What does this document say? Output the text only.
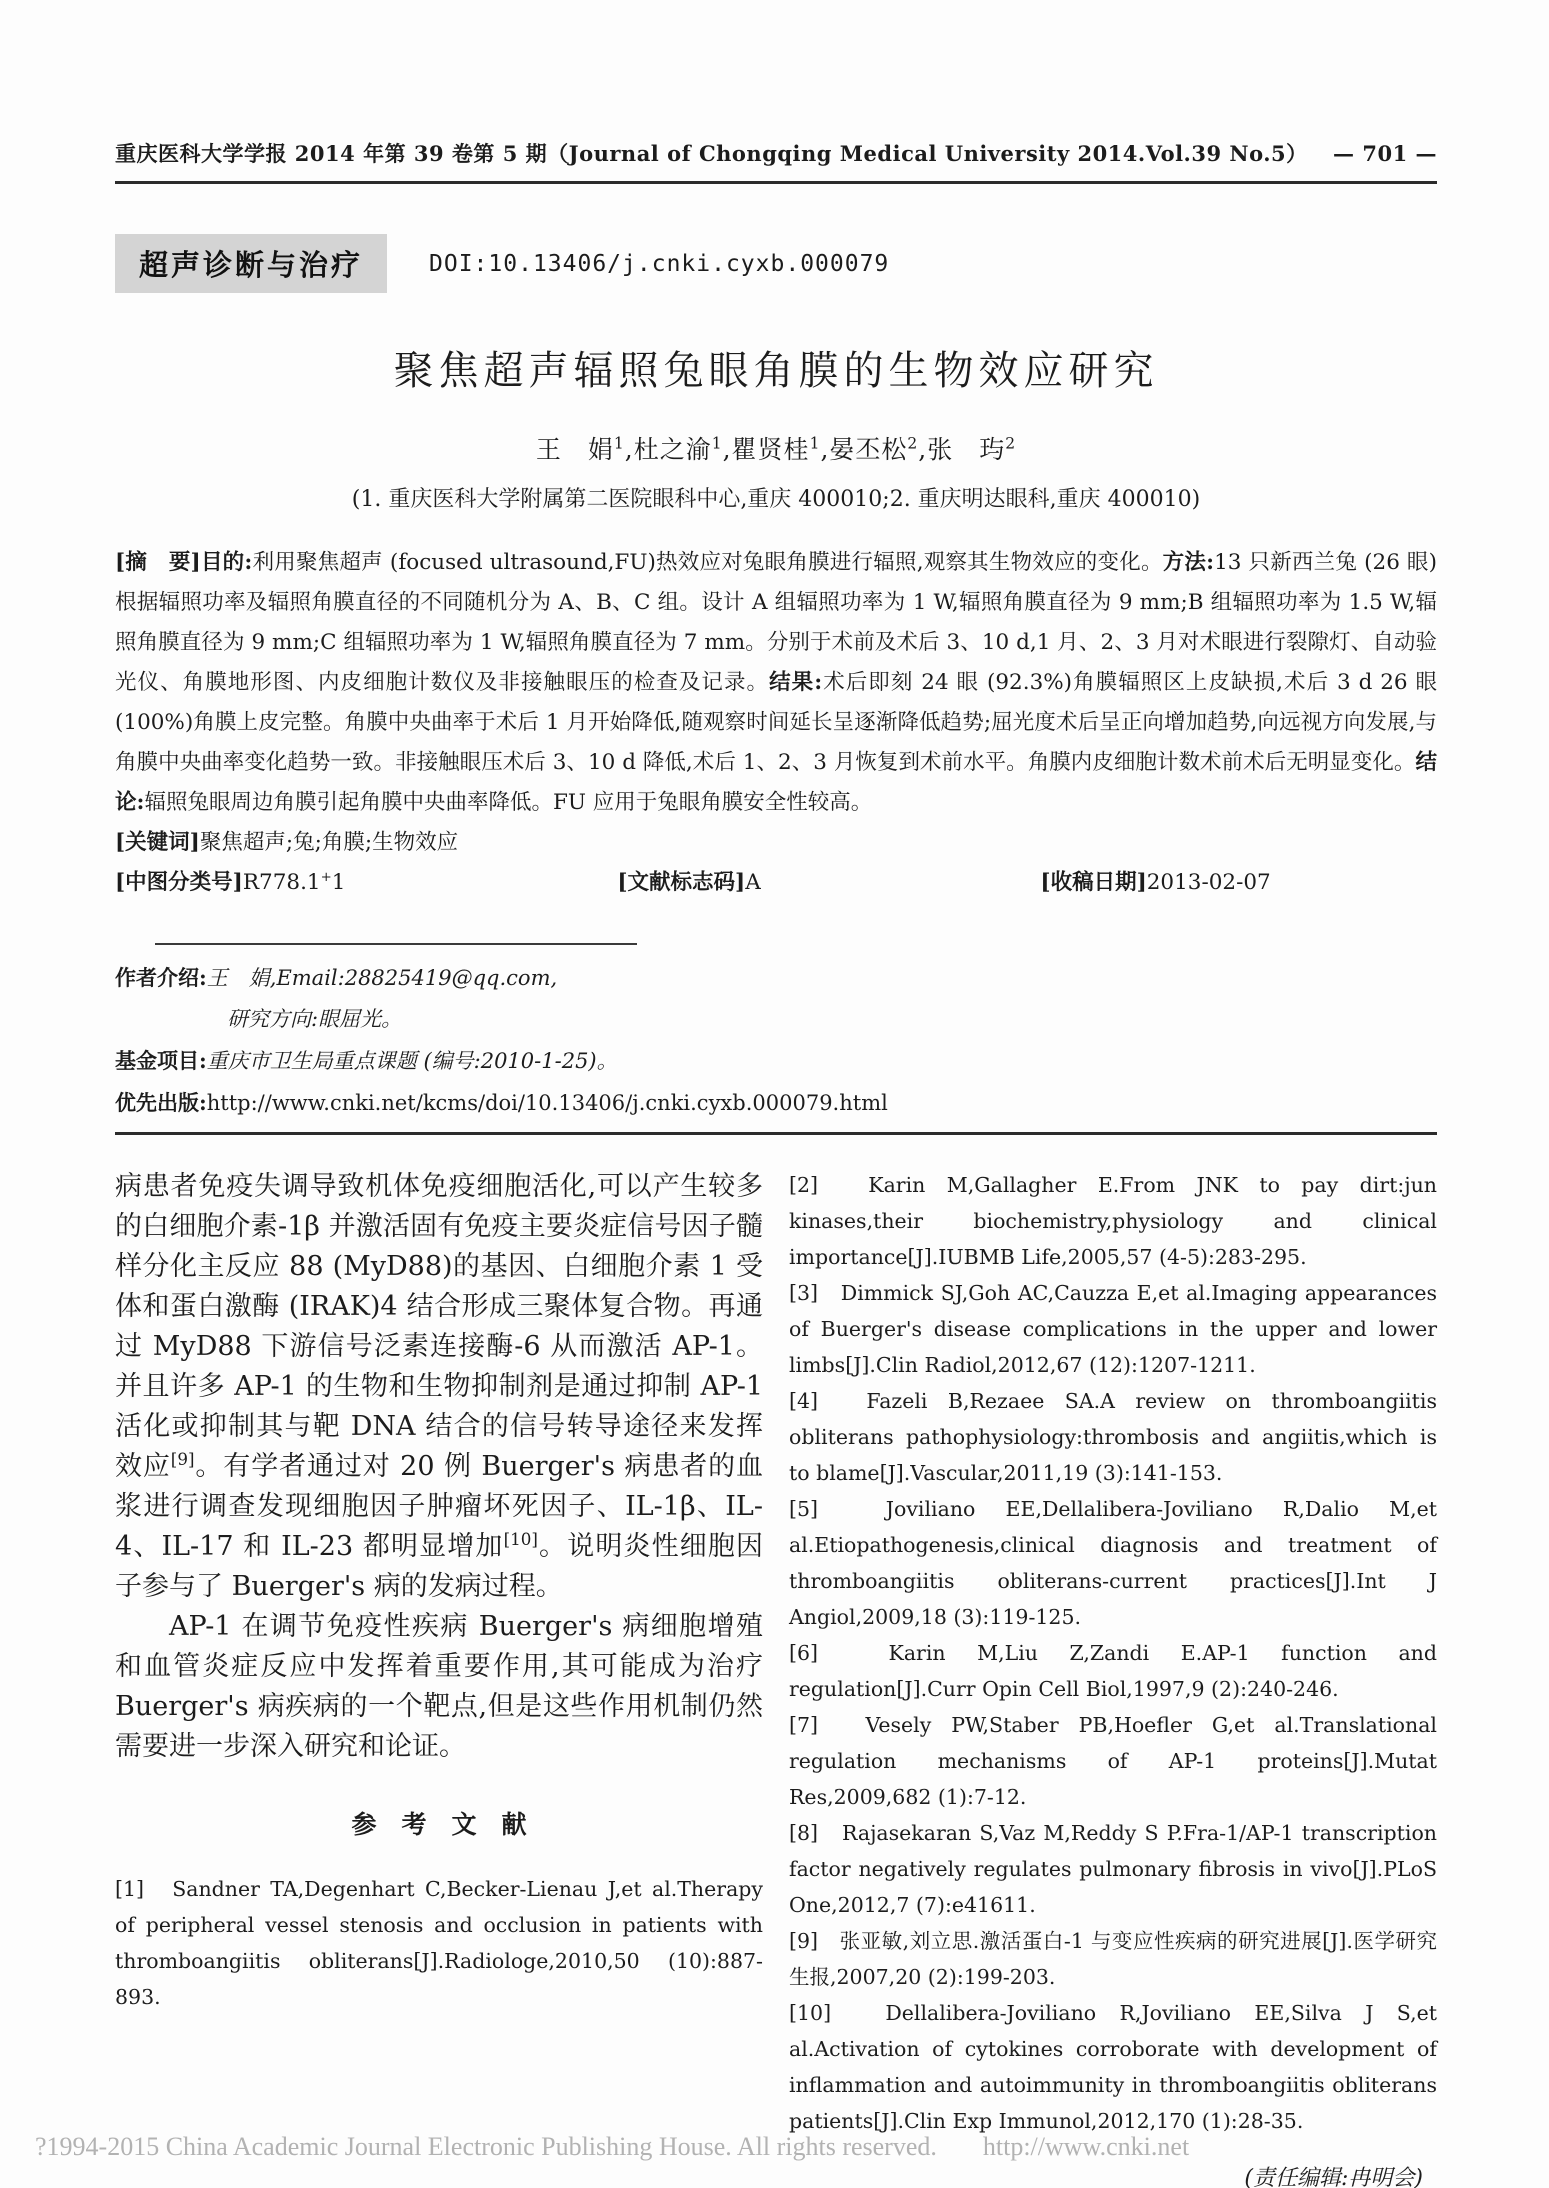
重庆医科大学学报 2014 年第 39 卷第 5 期（Journal of Chongqing Medical University 2014.Vol.39 No.5） — 701 —
超声诊断与治疗	DOI:10.13406/j.cnki.cyxb.000079
聚焦超声辐照兔眼角膜的生物效应研究
王　娟$^1$,杜之渝$^1$,瞿贤桂$^1$,晏丕松$^2$,张　玙$^2$
(1. 重庆医科大学附属第二医院眼科中心,重庆 400010;2. 重庆明达眼科,重庆 400010)

[摘　要]目的:利用聚焦超声 (focused ultrasound,FU)热效应对兔眼角膜进行辐照,观察其生物效应的变化。方法:13 只新西兰兔 (26 眼)根据辐照功率及辐照角膜直径的不同随机分为 A、B、C 组。设计 A 组辐照功率为 1 W,辐照角膜直径为 9 mm;B 组辐照功率为 1.5 W,辐照角膜直径为 9 mm;C 组辐照功率为 1 W,辐照角膜直径为 7 mm。分别于术前及术后 3、10 d,1 月、2、3 月对术眼进行裂隙灯、自动验光仪、角膜地形图、内皮细胞计数仪及非接触眼压的检查及记录。结果:术后即刻 24 眼 (92.3%)角膜辐照区上皮缺损,术后 3 d 26 眼 (100%)角膜上皮完整。角膜中央曲率于术后 1 月开始降低,随观察时间延长呈逐渐降低趋势;屈光度术后呈正向增加趋势,向远视方向发展,与角膜中央曲率变化趋势一致。非接触眼压术后 3、10 d 降低,术后 1、2、3 月恢复到术前水平。角膜内皮细胞计数术前术后无明显变化。结论:辐照兔眼周边角膜引起角膜中央曲率降低。FU 应用于兔眼角膜安全性较高。

[关键词]聚焦超声;兔;角膜;生物效应

[中图分类号]R778.1+1	[文献标志码]A	[收稿日期]2013-02-07
作者介绍:王　娟,Email:28825419@qq.com,
研究方向:眼屈光。
基金项目:重庆市卫生局重点课题 (编号:2010-1-25)。
优先出版:http://www.cnki.net/kcms/doi/10.13406/j.cnki.cyxb.000079.html

病患者免疫失调导致机体免疫细胞活化,可以产生较多的白细胞介素-1β 并激活固有免疫主要炎症信号因子髓样分化主反应 88 (MyD88)的基因、白细胞介素 1 受体和蛋白激酶 (IRAK)4 结合形成三聚体复合物。再通过 MyD88 下游信号泛素连接酶-6 从而激活 AP-1。并且许多 AP-1 的生物和生物抑制剂是通过抑制 AP-1 活化或抑制其与靶 DNA 结合的信号转导途径来发挥效应[9]。有学者通过对 20 例 Buerger's 病患者的血浆进行调查发现细胞因子肿瘤坏死因子、IL-1β、IL-4、IL-17 和 IL-23 都明显增加[10]。说明炎性细胞因子参与了 Buerger's 病的发病过程。

AP-1 在调节免疫性疾病 Buerger's 病细胞增殖和血管炎症反应中发挥着重要作用,其可能成为治疗 Buerger's 病疾病的一个靶点,但是这些作用机制仍然需要进一步深入研究和论证。

参　考　文　献

[1]　Sandner TA,Degenhart C,Becker-Lienau J,et al.Therapy of peripheral vessel stenosis and occlusion in patients with thromboangiitis obliterans[J].Radiologe,2010,50 (10):887-893.

[2]　Karin M,Gallagher E.From JNK to pay dirt:jun kinases,their biochemistry,physiology and clinical importance[J].IUBMB Life,2005,57 (4-5):283-295.

[3]　Dimmick SJ,Goh AC,Cauzza E,et al.Imaging appearances of Buerger's disease complications in the upper and lower limbs[J].Clin Radiol,2012,67 (12):1207-1211.

[4]　Fazeli B,Rezaee SA.A review on thromboangiitis obliterans pathophysiology:thrombosis and angiitis,which is to blame[J].Vascular,2011,19 (3):141-153.

[5]　Joviliano EE,Dellalibera-Joviliano R,Dalio M,et al.Etiopathogenesis,clinical diagnosis and treatment of thromboangiitis obliterans-current practices[J].Int J Angiol,2009,18 (3):119-125.

[6]　Karin M,Liu Z,Zandi E.AP-1 function and regulation[J].Curr Opin Cell Biol,1997,9 (2):240-246.

[7]　Vesely PW,Staber PB,Hoefler G,et al.Translational regulation mechanisms of AP-1 proteins[J].Mutat Res,2009,682 (1):7-12.

[8]　Rajasekaran S,Vaz M,Reddy S P.Fra-1/AP-1 transcription factor negatively regulates pulmonary fibrosis in vivo[J].PLoS One,2012,7 (7):e41611.

[9]　张亚敏,刘立思.激活蛋白-1 与变应性疾病的研究进展[J].医学研究生报,2007,20 (2):199-203.

[10]　Dellalibera-Joviliano R,Joviliano EE,Silva J S,et al.Activation of cytokines corroborate with development of inflammation and autoimmunity in thromboangiitis obliterans patients[J].Clin Exp Immunol,2012,170 (1):28-35.

(责任编辑:冉明会)
?1994-2015 China Academic Journal Electronic Publishing House. All rights reserved. http://www.cnki.net
